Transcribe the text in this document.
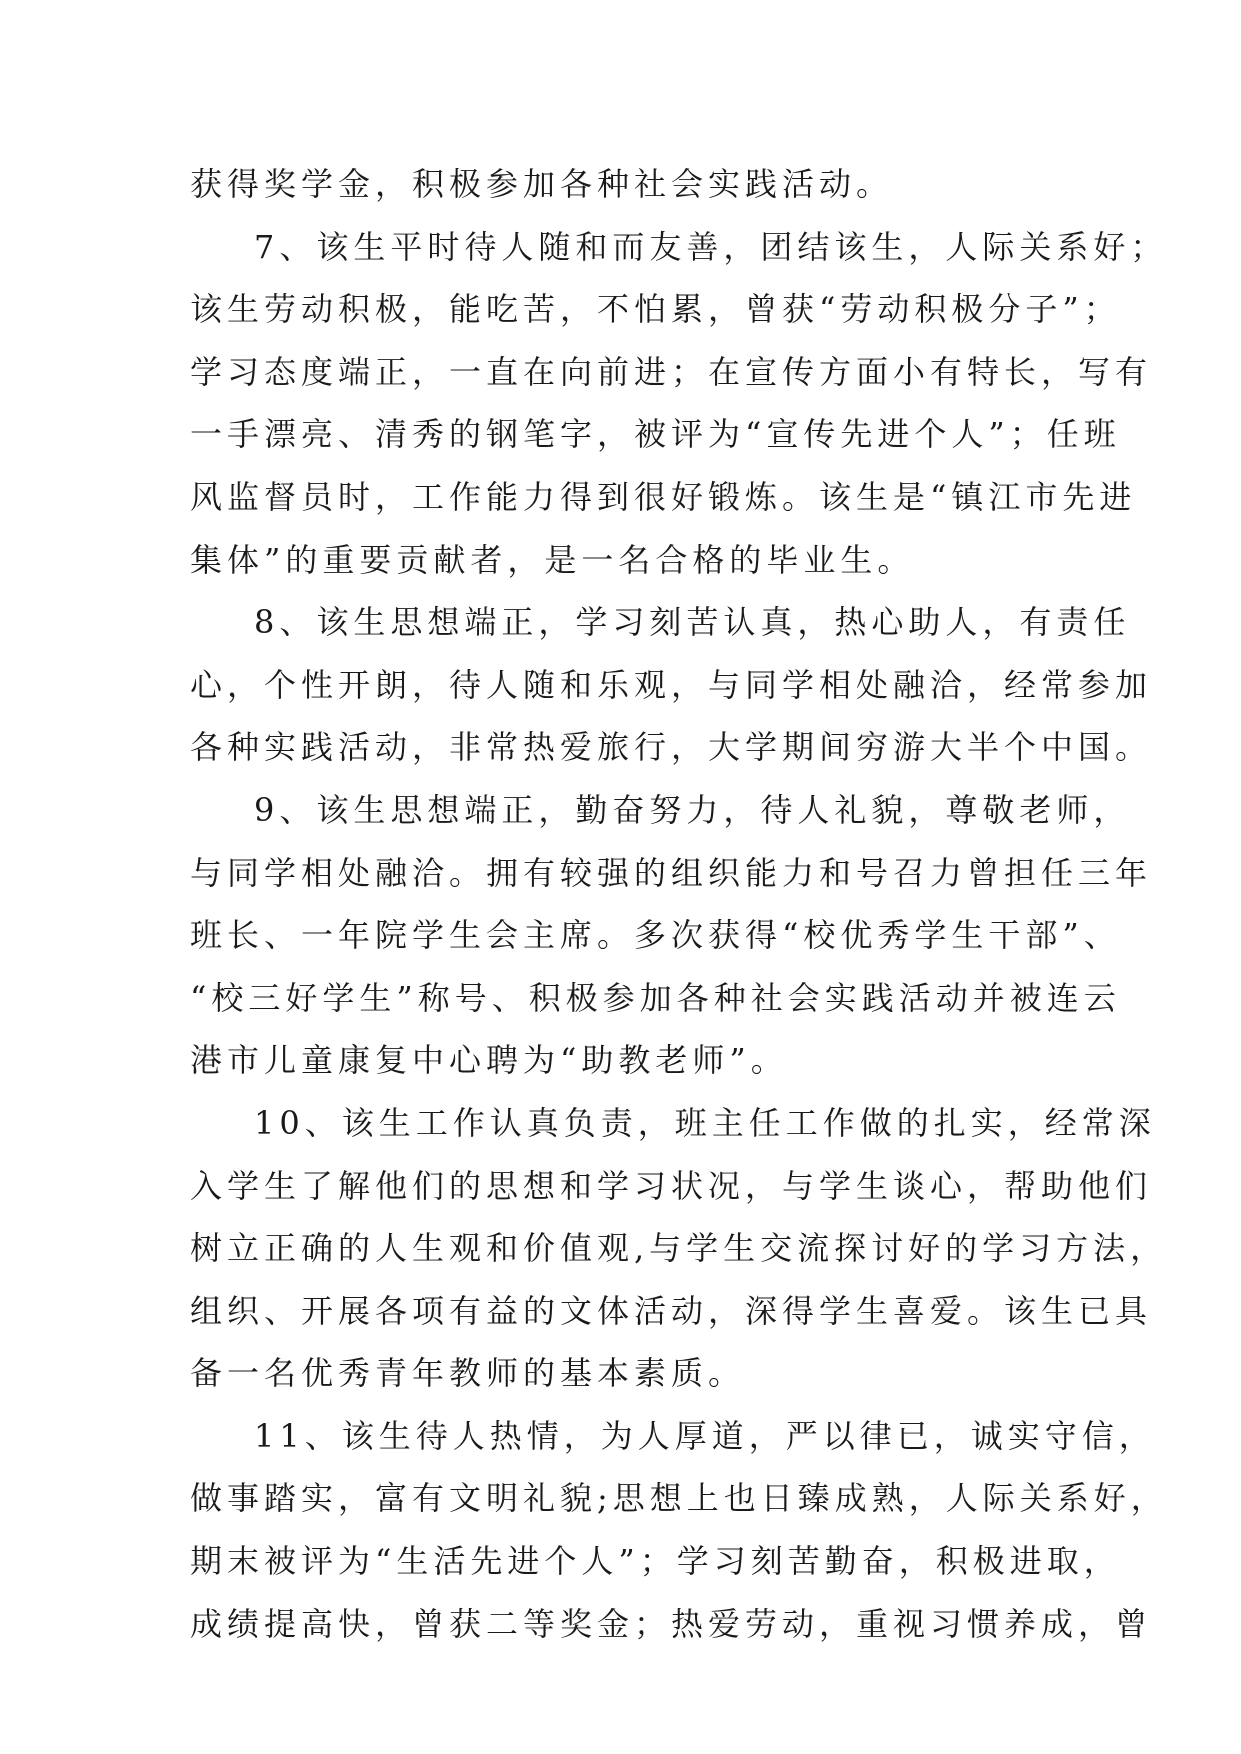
获得奖学金，积极参加各种社会实践活动。
7、该生平时待人随和而友善，团结该生，人际关系好；
该生劳动积极，能吃苦，不怕累，曾获“劳动积极分子”；
学习态度端正，一直在向前进；在宣传方面小有特长，写有
一手漂亮、清秀的钢笔字，被评为“宣传先进个人”；任班
风监督员时，工作能力得到很好锻炼。该生是“镇江市先进
集体”的重要贡献者，是一名合格的毕业生。
8、该生思想端正，学习刻苦认真，热心助人，有责任
心，个性开朗，待人随和乐观，与同学相处融洽，经常参加
各种实践活动，非常热爱旅行，大学期间穷游大半个中国。
9、该生思想端正，勤奋努力，待人礼貌，尊敬老师，
与同学相处融洽。拥有较强的组织能力和号召力曾担任三年
班长、一年院学生会主席。多次获得“校优秀学生干部”、
“校三好学生”称号、积极参加各种社会实践活动并被连云
港市儿童康复中心聘为“助教老师”。
10、该生工作认真负责，班主任工作做的扎实，经常深
入学生了解他们的思想和学习状况，与学生谈心，帮助他们
树立正确的人生观和价值观,与学生交流探讨好的学习方法，
组织、开展各项有益的文体活动，深得学生喜爱。该生已具
备一名优秀青年教师的基本素质。
11、该生待人热情，为人厚道，严以律已，诚实守信，
做事踏实，富有文明礼貌;思想上也日臻成熟，人际关系好，
期末被评为“生活先进个人”；学习刻苦勤奋，积极进取，
成绩提高快，曾获二等奖金；热爱劳动，重视习惯养成，曾
